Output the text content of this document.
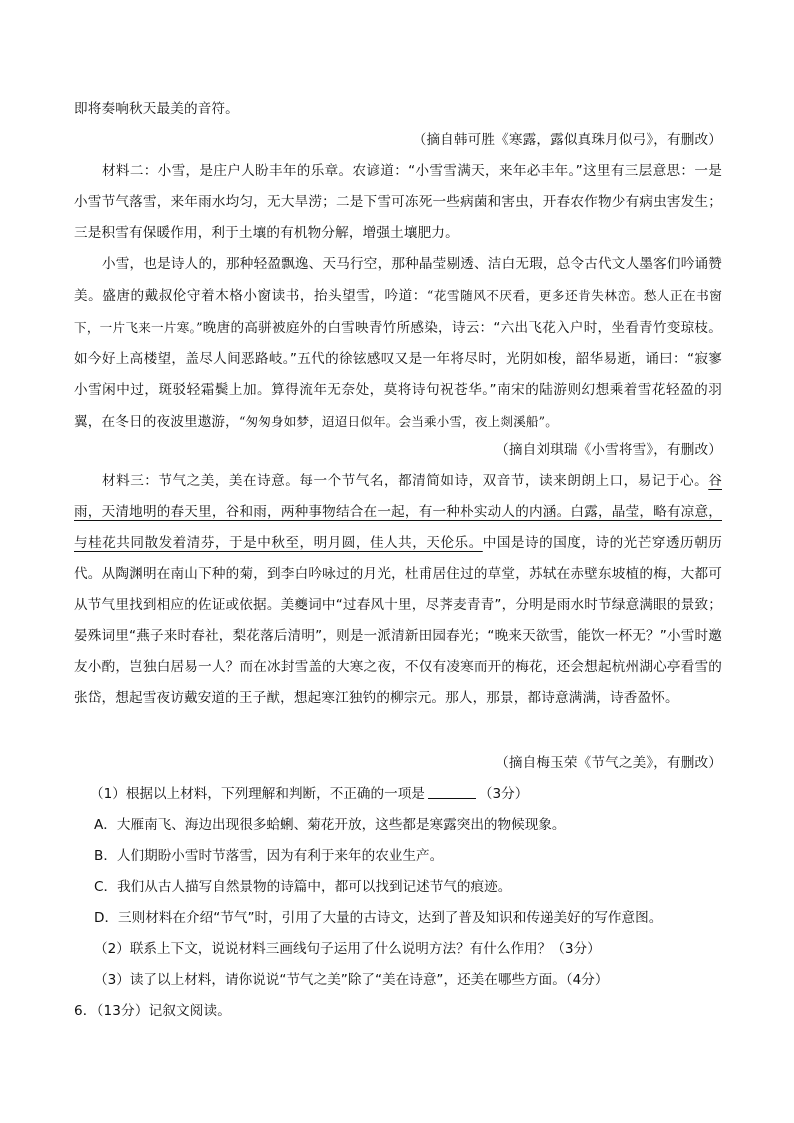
即将奏响秋天最美的音符。

（摘自韩可胜《寒露，露似真珠月似弓》，有删改）

材料二：小雪，是庄户人盼丰年的乐章。农谚道：“小雪雪满天，来年必丰年。”这里有三层意思：一是小雪节气落雪，来年雨水均匀，无大旱涝；二是下雪可冻死一些病菌和害虫，开春农作物少有病虫害发生；三是积雪有保暖作用，利于土壤的有机物分解，增强土壤肥力。

小雪，也是诗人的，那种轻盈飘逸、天马行空，那种晶莹剔透、洁白无瑕，总令古代文人墨客们吟诵赞美。盛唐的戴叔伦守着木格小窗读书，抬头望雪，吟道：“花雪随风不厌看，更多还肯失林峦。愁人正在书窗下，一片飞来一片寒。”晚唐的高骈被庭外的白雪映青竹所感染，诗云：“六出飞花入户时，坐看青竹变琼枝。如今好上高楼望，盖尽人间恶路岐。”五代的徐铉感叹又是一年将尽时，光阴如梭，韶华易逝，诵曰：“寂寥小雪闲中过，斑驳轻霜鬓上加。算得流年无奈处，莫将诗句祝苍华。”南宋的陆游则幻想乘着雪花轻盈的羽翼，在冬日的夜波里遨游，“匆匆身如梦，迢迢日似年。会当乘小雪，夜上剡溪船”。

（摘自刘琪瑞《小雪将雪》，有删改）

材料三：节气之美，美在诗意。每一个节气名，都清简如诗，双音节，读来朗朗上口，易记于心。谷雨，天清地明的春天里，谷和雨，两种事物结合在一起，有一种朴实动人的内涵。白露，晶莹，略有凉意，与桂花共同散发着清芬，于是中秋至，明月圆，佳人共，天伦乐。中国是诗的国度，诗的光芒穿透历朝历代。从陶渊明在南山下种的菊，到李白吟咏过的月光，杜甫居住过的草堂，苏轼在赤壁东坡植的梅，大都可从节气里找到相应的佐证或依据。美夔词中“过春风十里，尽荠麦青青”，分明是雨水时节绿意满眼的景致；晏殊词里“燕子来时春社，梨花落后清明”，则是一派清新田园春光；“晚来天欲雪，能饮一杯无？”小雪时邀友小酌，岂独白居易一人？而在冰封雪盖的大寒之夜，不仅有凌寒而开的梅花，还会想起杭州湖心亭看雪的张岱，想起雪夜访戴安道的王子猷，想起寒江独钓的柳宗元。那人，那景，都诗意满满，诗香盈怀。

（摘自梅玉荣《节气之美》，有删改）

（1）根据以上材料，下列理解和判断，不正确的一项是	（3分）

A．大雁南飞、海边出现很多蛤蜊、菊花开放，这些都是寒露突出的物候现象。

B．人们期盼小雪时节落雪，因为有利于来年的农业生产。

C．我们从古人描写自然景物的诗篇中，都可以找到记述节气的痕迹。

D．三则材料在介绍“节气”时，引用了大量的古诗文，达到了普及知识和传递美好的写作意图。

（2）联系上下文，说说材料三画线句子运用了什么说明方法？有什么作用？（3分）

（3）读了以上材料，请你说说“节气之美”除了“美在诗意”，还美在哪些方面。（4分）

6．（13分）记叙文阅读。
